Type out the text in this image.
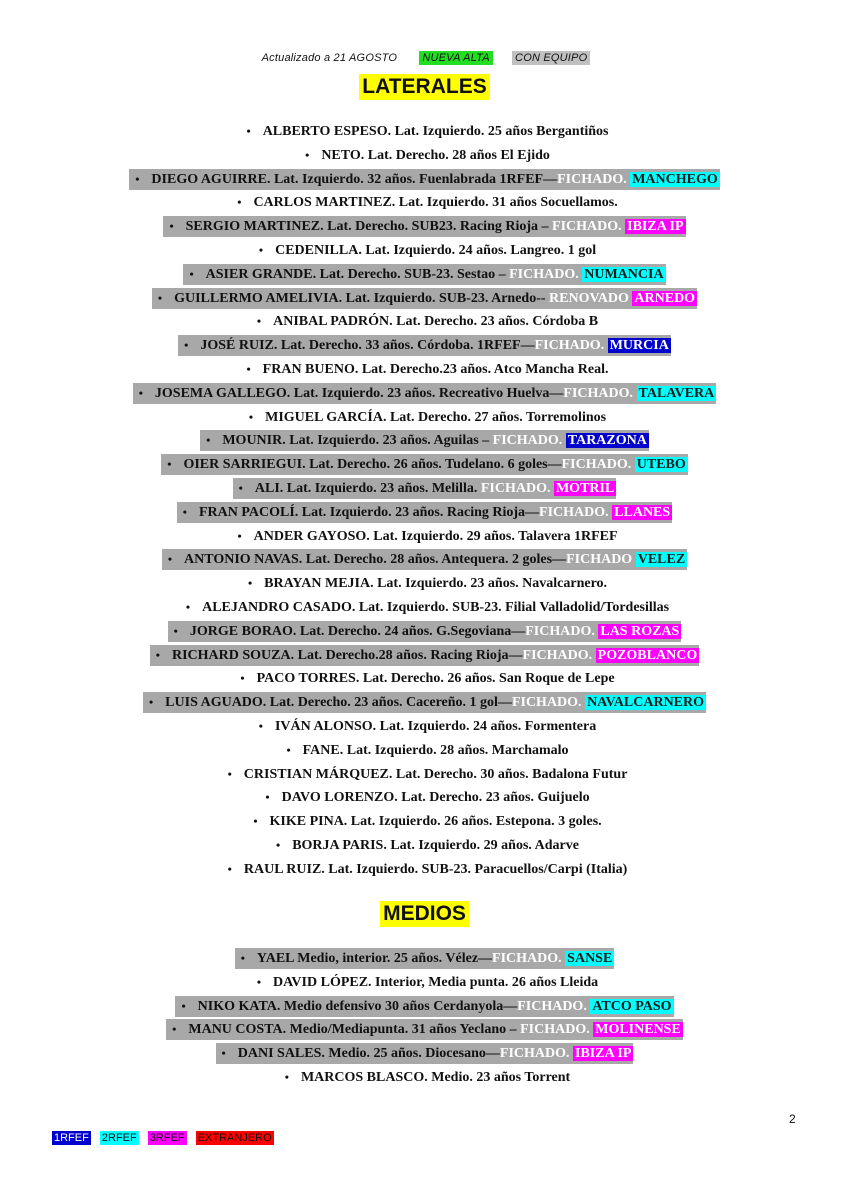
Actualizado a 21 AGOSTO NUEVA ALTA CON EQUIPO
LATERALES
• ALBERTO ESPESO. Lat. Izquierdo. 25 años Bergantiños
• NETO. Lat. Derecho. 28 años El Ejido
• DIEGO AGUIRRE. Lat. Izquierdo. 32 años. Fuenlabrada 1RFEF—FICHADO. MANCHEGO
• CARLOS MARTINEZ. Lat. Izquierdo. 31 años Socuellamos.
• SERGIO MARTINEZ. Lat. Derecho. SUB23. Racing Rioja – FICHADO. IBIZA IP
• CEDENILLA. Lat. Izquierdo. 24 años. Langreo. 1 gol
• ASIER GRANDE. Lat. Derecho. SUB-23. Sestao – FICHADO. NUMANCIA
• GUILLERMO AMELIVIA. Lat. Izquierdo. SUB-23. Arnedo-- RENOVADO ARNEDO
• ANIBAL PADRÓN. Lat. Derecho. 23 años. Córdoba B
• JOSÉ RUIZ. Lat. Derecho. 33 años. Córdoba. 1RFEF—FICHADO. MURCIA
• FRAN BUENO. Lat. Derecho.23 años. Atco Mancha Real.
• JOSEMA GALLEGO. Lat. Izquierdo. 23 años. Recreativo Huelva—FICHADO. TALAVERA
• MIGUEL GARCÍA. Lat. Derecho. 27 años. Torremolinos
• MOUNIR. Lat. Izquierdo. 23 años. Aguilas – FICHADO. TARAZONA
• OIER SARRIEGUI. Lat. Derecho. 26 años. Tudelano. 6 goles—FICHADO. UTEBO
• ALI. Lat. Izquierdo. 23 años. Melilla. FICHADO. MOTRIL
• FRAN PACOLÍ. Lat. Izquierdo. 23 años. Racing Rioja—FICHADO. LLANES
• ANDER GAYOSO. Lat. Izquierdo. 29 años. Talavera 1RFEF
• ANTONIO NAVAS. Lat. Derecho. 28 años. Antequera. 2 goles—FICHADO VELEZ
• BRAYAN MEJIA. Lat. Izquierdo. 23 años. Navalcarnero.
• ALEJANDRO CASADO. Lat. Izquierdo. SUB-23. Filial Valladolid/Tordesillas
• JORGE BORAO. Lat. Derecho. 24 años. G.Segoviana—FICHADO. LAS ROZAS
• RICHARD SOUZA. Lat. Derecho.28 años. Racing Rioja—FICHADO. POZOBLANCO
• PACO TORRES. Lat. Derecho. 26 años. San Roque de Lepe
• LUIS AGUADO. Lat. Derecho. 23 años. Cacereño. 1 gol—FICHADO. NAVALCARNERO
• IVÁN ALONSO. Lat. Izquierdo. 24 años. Formentera
• FANE. Lat. Izquierdo. 28 años. Marchamalo
• CRISTIAN MÁRQUEZ. Lat. Derecho. 30 años. Badalona Futur
• DAVO LORENZO. Lat. Derecho. 23 años. Guijuelo
• KIKE PINA. Lat. Izquierdo. 26 años. Estepona. 3 goles.
• BORJA PARIS. Lat. Izquierdo. 29 años. Adarve
• RAUL RUIZ. Lat. Izquierdo. SUB-23. Paracuellos/Carpi (Italia)
MEDIOS
• YAEL Medio, interior. 25 años. Vélez—FICHADO. SANSE
• DAVID LÓPEZ. Interior, Media punta. 26 años Lleida
• NIKO KATA. Medio defensivo 30 años Cerdanyola—FICHADO. ATCO PASO
• MANU COSTA. Medio/Mediapunta. 31 años Yeclano – FICHADO. MOLINENSE
• DANI SALES. Medio. 25 años. Diocesano—FICHADO. IBIZA IP
• MARCOS BLASCO. Medio. 23 años Torrent
2
1RFEF 2RFEF 3RFEF EXTRANJERO
